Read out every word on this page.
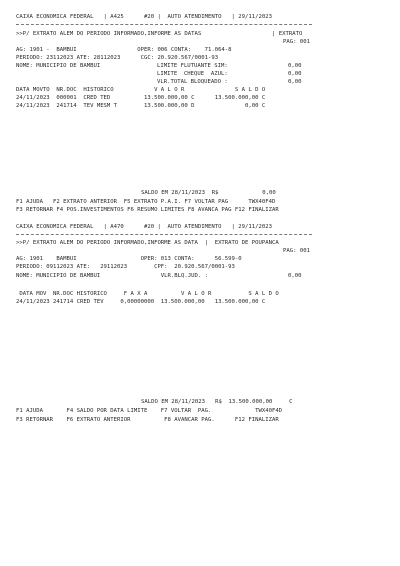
CAIXA ECONOMICA FEDERAL   | A425      #20 |  AUTO ATENDIMENTO   | 29/11/2023
>>P/ EXTRATO ALEM DO PERIODO INFORMADO,INFORME AS DATAS	| EXTRATO
PAG: 001
AG: 1901 -  BAMBUI                  OPER: 006 CONTA:    71.064-8
PERIODO: 23112023 ATE: 28112023      CGC: 20.920.567/0001-93
NOME: MUNICIPIO DE BAMBUI	LIMITE FLUTUANTE SIM:	0,00
LIMITE  CHEQUE  AZUL:	0,00
VLR.TOTAL BLOQUEADO :	0,00
DATA MOVTO  NR.DOC  HISTORICO            V A L O R               S A L D O
24/11/2023  000001  CRED TED          13.500.000,00 C      13.500.000,00 C
24/11/2023  241714  TEV MESM T        13.500.000,00 D               0,00 C
SALDO EM 28/11/2023  R$             0,00
F1 AJUDA   F2 EXTRATO ANTERIOR  F5 EXTRATO P.A.I. F7 VOLTAR PAG      TWX40F4D
F3 RETORNAR F4 POS.INVESTIMENTOS F6 RESUMO LIMITES F8 AVANCA PAG F12 FINALIZAR
CAIXA ECONOMICA FEDERAL   | A470      #20 |  AUTO ATENDIMENTO   | 29/11/2023
>>P/ EXTRATO ALEM DO PERIODO INFORMADO,INFORME AS DATA  |  EXTRATO DE POUPANCA
PAG: 001
AG: 1901    BAMBUI                   OPER: 013 CONTA:      56.599-0
PERIODO: 09112023 ATE:   29112023        CPF:  20.920.567/0001-93
NOME: MUNICIPIO DE BAMBUI                  VLR.BLQ.JUD. :	0,00
DATA MOV  NR.DOC HISTORICO     F A X A          V A L O R           S A L D O
24/11/2023 241714 CRED TEV     0,00000000  13.500.000,00   13.500.000,00 C
SALDO EM 28/11/2023   R$  13.500.000,00     C
F1 AJUDA       F4 SALDO POR DATA LIMITE    F7 VOLTAR  PAG.             TWX40F4D
F3 RETORNAR    F6 EXTRATO ANTERIOR          F8 AVANCAR PAG.      F12 FINALIZAR
